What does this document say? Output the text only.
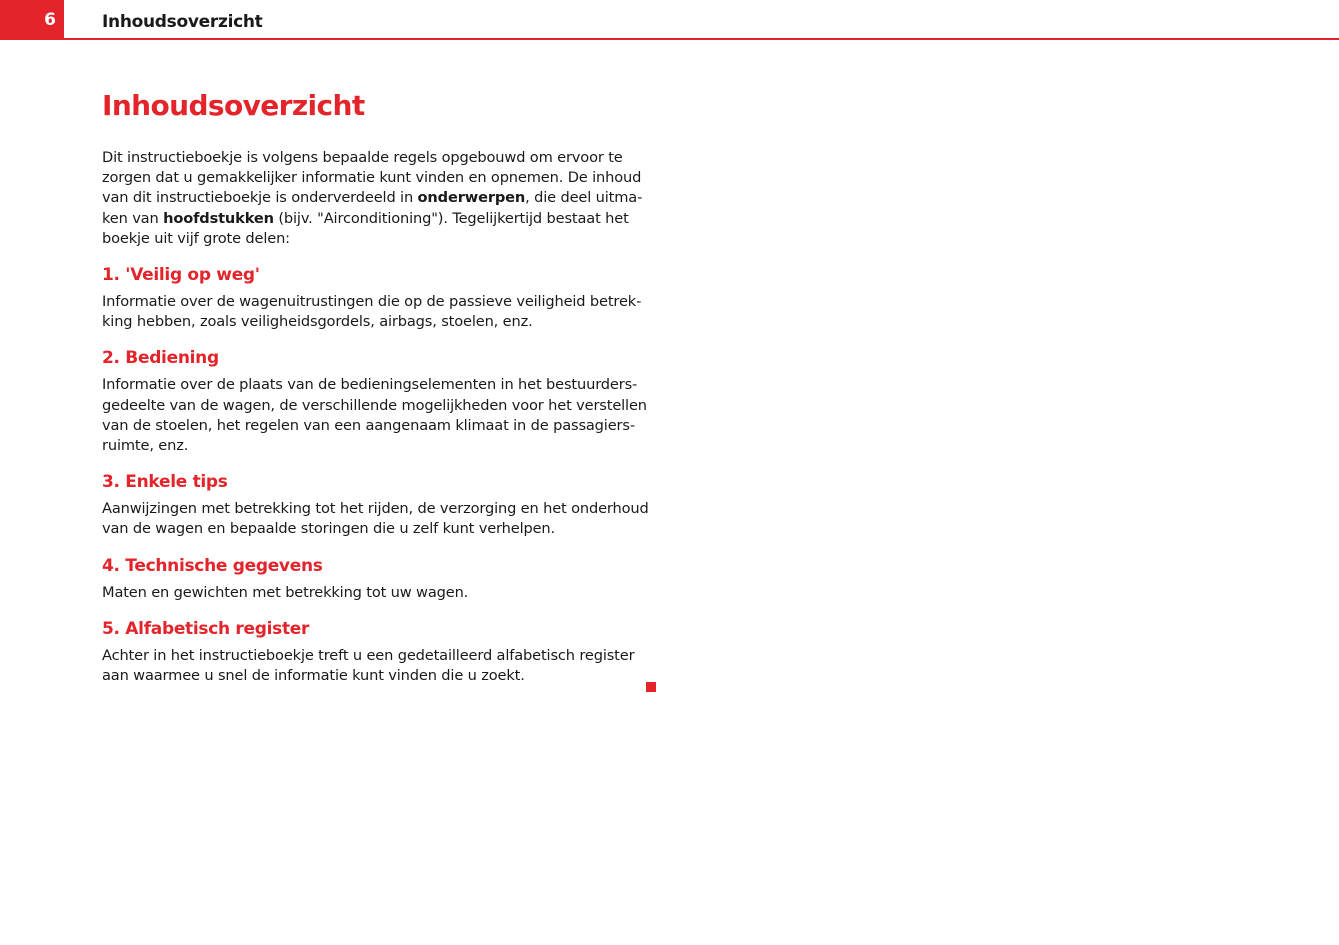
6	Inhoudsoverzicht
Inhoudsoverzicht

Dit instructieboekje is volgens bepaalde regels opgebouwd om ervoor te
zorgen dat u gemakkelijker informatie kunt vinden en opnemen. De inhoud
van dit instructieboekje is onderverdeeld in onderwerpen, die deel uitma-
ken van hoofdstukken (bijv. "Airconditioning"). Tegelijkertijd bestaat het
boekje uit vijf grote delen:

1. 'Veilig op weg'

Informatie over de wagenuitrustingen die op de passieve veiligheid betrek-
king hebben, zoals veiligheidsgordels, airbags, stoelen, enz.

2. Bediening

Informatie over de plaats van de bedieningselementen in het bestuurders-
gedeelte van de wagen, de verschillende mogelijkheden voor het verstellen
van de stoelen, het regelen van een aangenaam klimaat in de passagiers-
ruimte, enz.

3. Enkele tips

Aanwijzingen met betrekking tot het rijden, de verzorging en het onderhoud
van de wagen en bepaalde storingen die u zelf kunt verhelpen.

4. Technische gegevens

Maten en gewichten met betrekking tot uw wagen.

5. Alfabetisch register

Achter in het instructieboekje treft u een gedetailleerd alfabetisch register
aan waarmee u snel de informatie kunt vinden die u zoekt.
